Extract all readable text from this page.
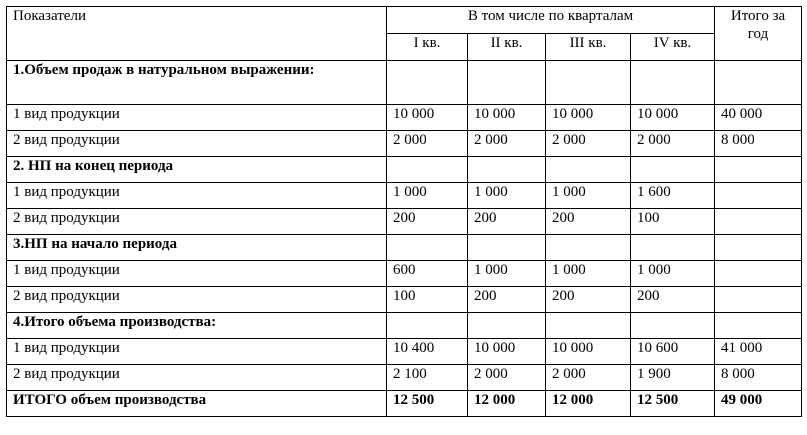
Показатели	В том числе по кварталам				Итого за год
	I кв.	II кв.	III кв.	IV кв.	
1.Объем продаж в натуральном выражении:					
1 вид продукции	10 000	10 000	10 000	10 000	40 000
2 вид продукции	2 000	2 000	2 000	2 000	8 000
2. НП на конец периода					
1 вид продукции	1 000	1 000	1 000	1 600	
2 вид продукции	200	200	200	100	
3.НП на начало периода					
1 вид продукции	600	1 000	1 000	1 000	
2 вид продукции	100	200	200	200	
4.Итого объема производства:					
1 вид продукции	10 400	10 000	10 000	10 600	41 000
2 вид продукции	2 100	2 000	2 000	1 900	8 000
ИТОГО объем производства	12 500	12 000	12 000	12 500	49 000
